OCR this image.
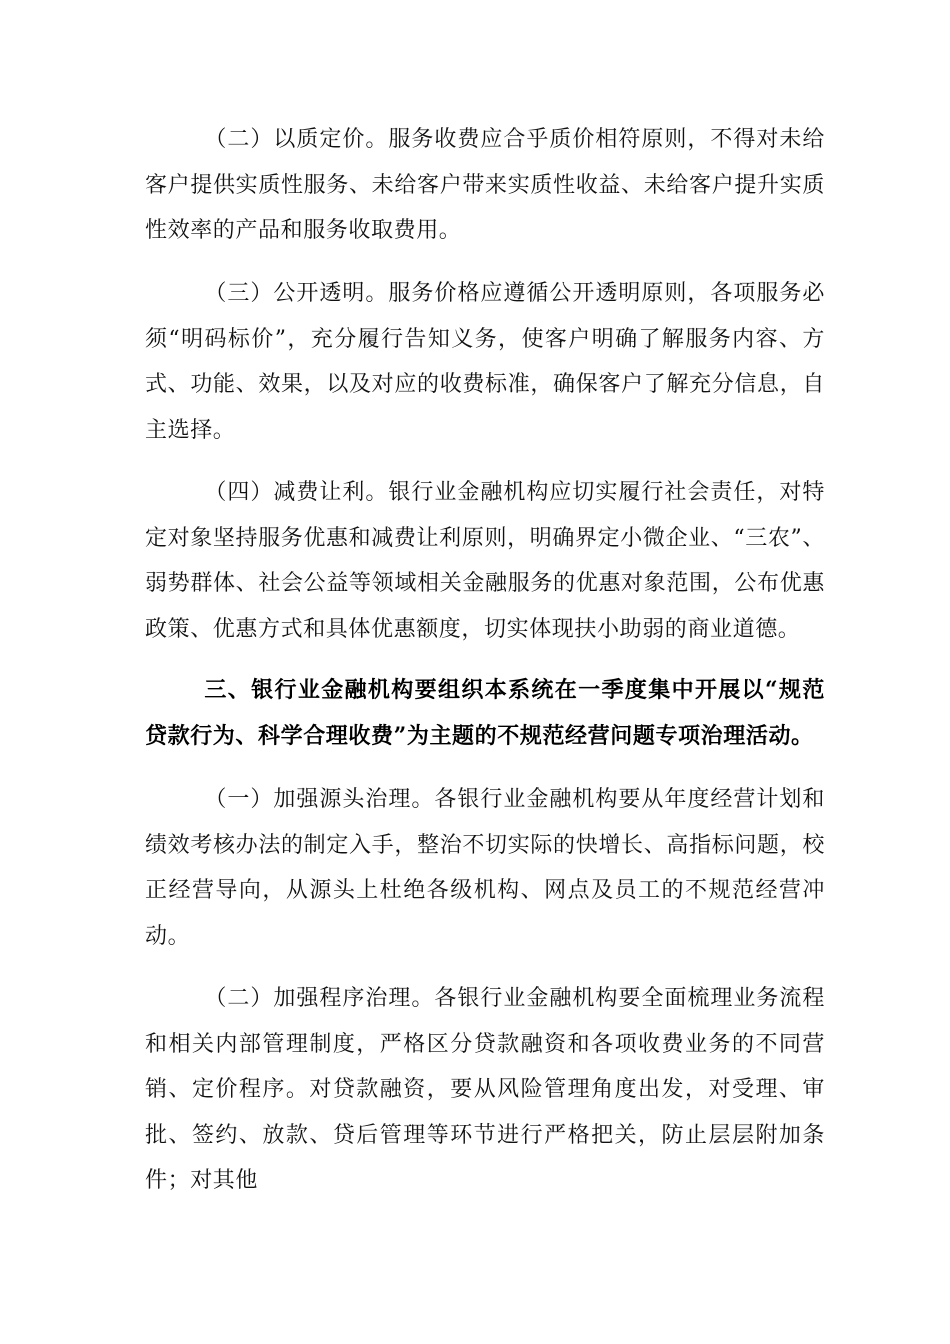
（二）以质定价。服务收费应合乎质价相符原则，不得对未给客户提供实质性服务、未给客户带来实质性收益、未给客户提升实质性效率的产品和服务收取费用。

（三）公开透明。服务价格应遵循公开透明原则，各项服务必须“明码标价”，充分履行告知义务，使客户明确了解服务内容、方式、功能、效果，以及对应的收费标准，确保客户了解充分信息，自主选择。

（四）减费让利。银行业金融机构应切实履行社会责任，对特定对象坚持服务优惠和减费让利原则，明确界定小微企业、“三农”、弱势群体、社会公益等领域相关金融服务的优惠对象范围，公布优惠政策、优惠方式和具体优惠额度，切实体现扶小助弱的商业道德。

三、银行业金融机构要组织本系统在一季度集中开展以“规范贷款行为、科学合理收费”为主题的不规范经营问题专项治理活动。

（一）加强源头治理。各银行业金融机构要从年度经营计划和绩效考核办法的制定入手，整治不切实际的快增长、高指标问题，校正经营导向，从源头上杜绝各级机构、网点及员工的不规范经营冲动。

（二）加强程序治理。各银行业金融机构要全面梳理业务流程和相关内部管理制度，严格区分贷款融资和各项收费业务的不同营销、定价程序。对贷款融资，要从风险管理角度出发，对受理、审批、签约、放款、贷后管理等环节进行严格把关，防止层层附加条件；对其他
